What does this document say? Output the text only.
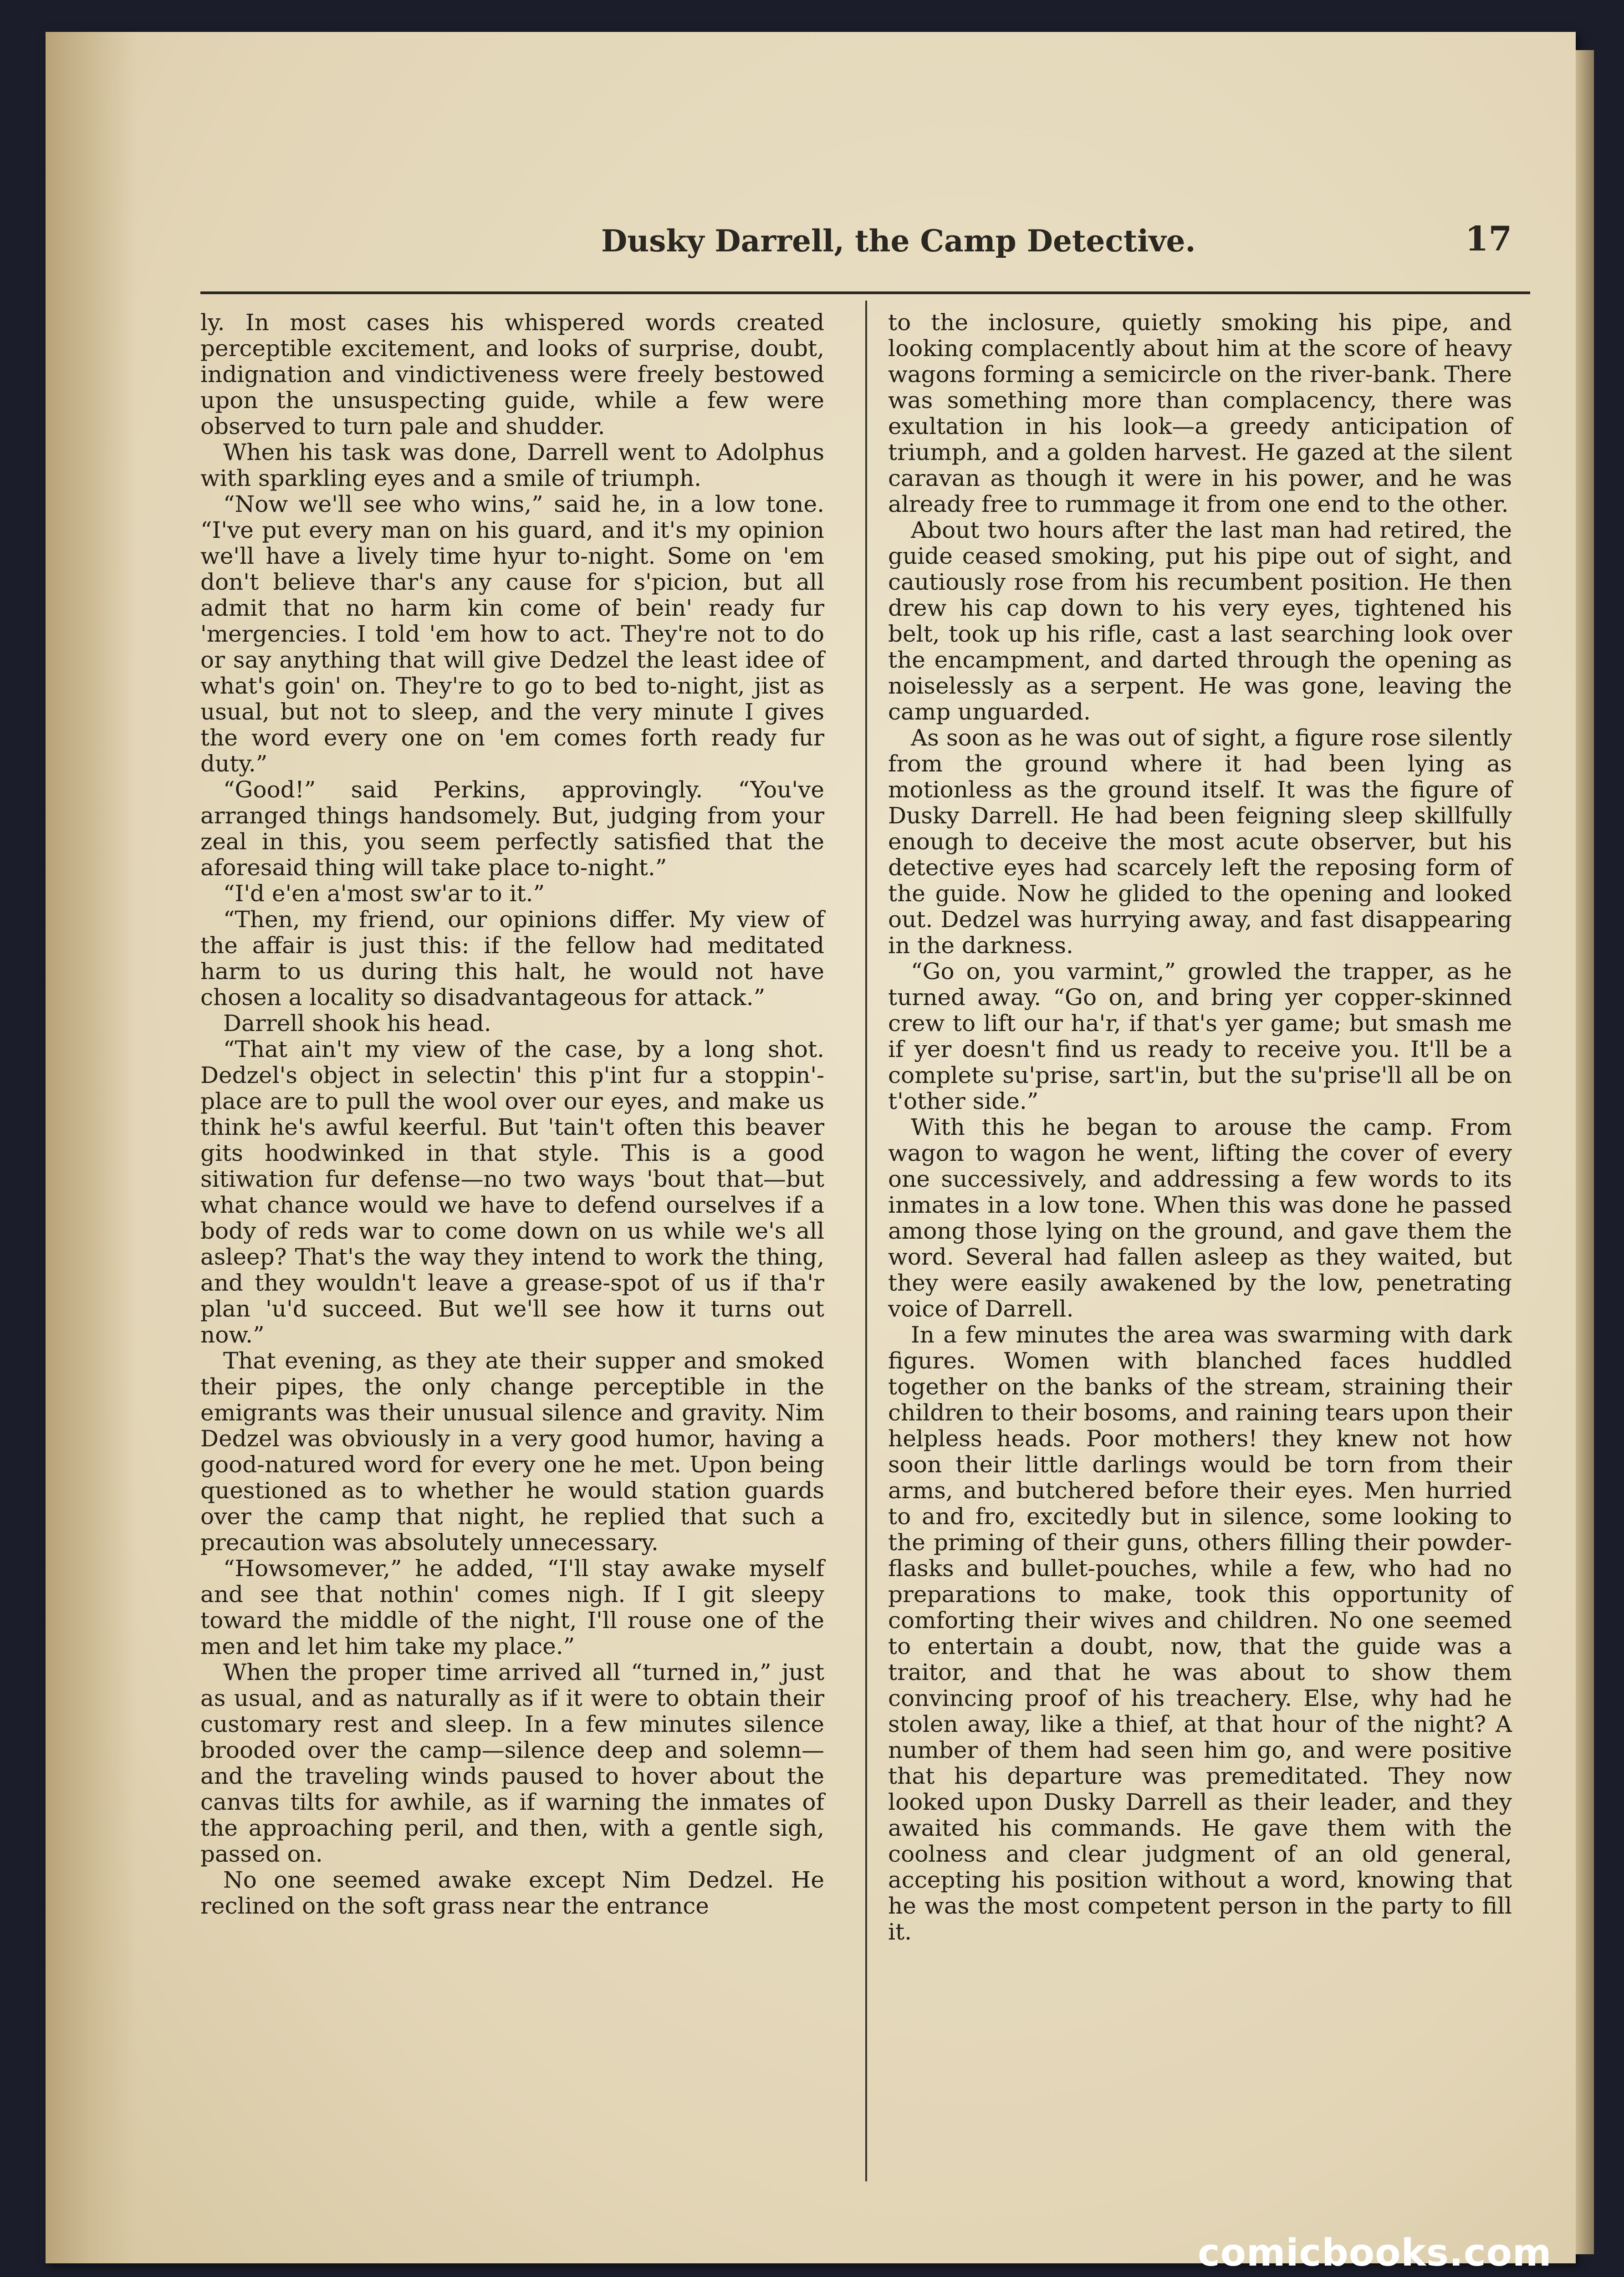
Dusky Darrell, the Camp Detective.	17

ly. In most cases his whispered words created perceptible excitement, and looks of surprise, doubt, indignation and vindictiveness were freely bestowed upon the unsuspecting guide, while a few were observed to turn pale and shudder.

When his task was done, Darrell went to Adolphus with sparkling eyes and a smile of triumph.

“Now we'll see who wins,” said he, in a low tone. “I've put every man on his guard, and it's my opinion we'll have a lively time hyur to-night. Some on 'em don't believe thar's any cause for s'picion, but all admit that no harm kin come of bein' ready fur 'mergencies. I told 'em how to act. They're not to do or say anything that will give Dedzel the least idee of what's goin' on. They're to go to bed to-night, jist as usual, but not to sleep, and the very minute I gives the word every one on 'em comes forth ready fur duty.”

“Good!” said Perkins, approvingly. “You've arranged things handsomely. But, judging from your zeal in this, you seem perfectly satisfied that the aforesaid thing will take place to-night.”

“I'd e'en a'most sw'ar to it.”

“Then, my friend, our opinions differ. My view of the affair is just this: if the fellow had meditated harm to us during this halt, he would not have chosen a locality so disadvantageous for attack.”

Darrell shook his head.

“That ain't my view of the case, by a long shot. Dedzel's object in selectin' this p'int fur a stoppin'-place are to pull the wool over our eyes, and make us think he's awful keerful. But 'tain't often this beaver gits hoodwinked in that style. This is a good sitiwation fur defense—no two ways 'bout that—but what chance would we have to defend ourselves if a body of reds war to come down on us while we's all asleep? That's the way they intend to work the thing, and they wouldn't leave a grease-spot of us if tha'r plan 'u'd succeed. But we'll see how it turns out now.”

That evening, as they ate their supper and smoked their pipes, the only change perceptible in the emigrants was their unusual silence and gravity. Nim Dedzel was obviously in a very good humor, having a good-natured word for every one he met. Upon being questioned as to whether he would station guards over the camp that night, he replied that such a precaution was absolutely unnecessary.

“Howsomever,” he added, “I'll stay awake myself and see that nothin' comes nigh. If I git sleepy toward the middle of the night, I'll rouse one of the men and let him take my place.”

When the proper time arrived all “turned in,” just as usual, and as naturally as if it were to obtain their customary rest and sleep. In a few minutes silence brooded over the camp—silence deep and solemn—and the traveling winds paused to hover about the canvas tilts for awhile, as if warning the inmates of the approaching peril, and then, with a gentle sigh, passed on.

No one seemed awake except Nim Dedzel. He reclined on the soft grass near the entrance

to the inclosure, quietly smoking his pipe, and looking complacently about him at the score of heavy wagons forming a semicircle on the river-bank. There was something more than complacency, there was exultation in his look—a greedy anticipation of triumph, and a golden harvest. He gazed at the silent caravan as though it were in his power, and he was already free to rummage it from one end to the other.

About two hours after the last man had retired, the guide ceased smoking, put his pipe out of sight, and cautiously rose from his recumbent position. He then drew his cap down to his very eyes, tightened his belt, took up his rifle, cast a last searching look over the encampment, and darted through the opening as noiselessly as a serpent. He was gone, leaving the camp unguarded.

As soon as he was out of sight, a figure rose silently from the ground where it had been lying as motionless as the ground itself. It was the figure of Dusky Darrell. He had been feigning sleep skillfully enough to deceive the most acute observer, but his detective eyes had scarcely left the reposing form of the guide. Now he glided to the opening and looked out. Dedzel was hurrying away, and fast disappearing in the darkness.

“Go on, you varmint,” growled the trapper, as he turned away. “Go on, and bring yer copper-skinned crew to lift our ha'r, if that's yer game; but smash me if yer doesn't find us ready to receive you. It'll be a complete su'prise, sart'in, but the su'prise'll all be on t'other side.”

With this he began to arouse the camp. From wagon to wagon he went, lifting the cover of every one successively, and addressing a few words to its inmates in a low tone. When this was done he passed among those lying on the ground, and gave them the word. Several had fallen asleep as they waited, but they were easily awakened by the low, penetrating voice of Darrell.

In a few minutes the area was swarming with dark figures. Women with blanched faces huddled together on the banks of the stream, straining their children to their bosoms, and raining tears upon their helpless heads. Poor mothers! they knew not how soon their little darlings would be torn from their arms, and butchered before their eyes. Men hurried to and fro, excitedly but in silence, some looking to the priming of their guns, others filling their powder-flasks and bullet-pouches, while a few, who had no preparations to make, took this opportunity of comforting their wives and children. No one seemed to entertain a doubt, now, that the guide was a traitor, and that he was about to show them convincing proof of his treachery. Else, why had he stolen away, like a thief, at that hour of the night? A number of them had seen him go, and were positive that his departure was premeditated. They now looked upon Dusky Darrell as their leader, and they awaited his commands. He gave them with the coolness and clear judgment of an old general, accepting his position without a word, knowing that he was the most competent person in the party to fill it.

comicbooks.com
